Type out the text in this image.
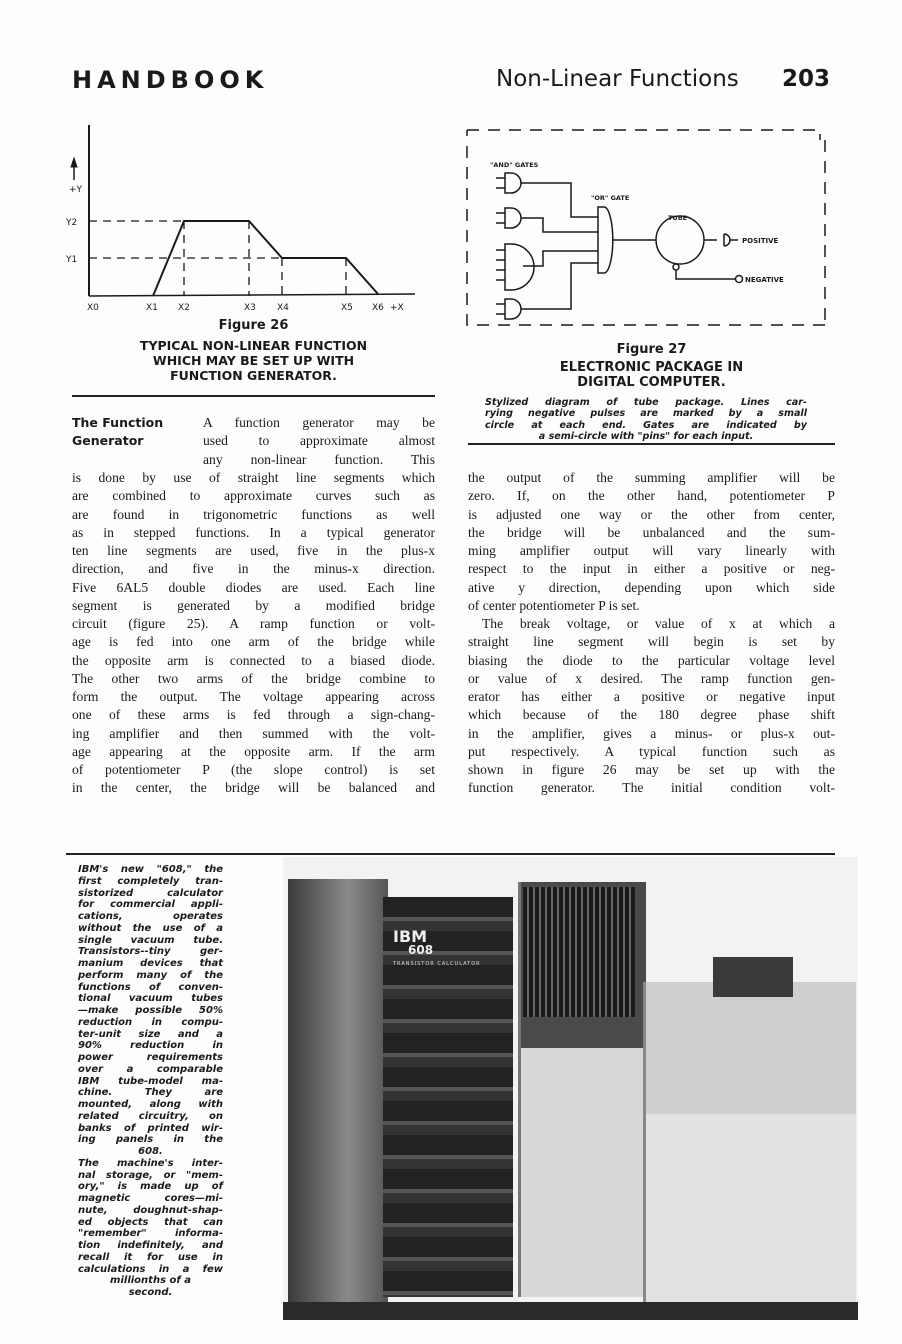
HANDBOOK	Non-Linear Functions 203
+Y
Y2
Y1
X0	X1 X2	X3 X4	X5 X6 +X
Figure 26
TYPICAL NON-LINEAR FUNCTION
WHICH MAY BE SET UP WITH
FUNCTION GENERATOR.
"AND" GATES
"OR" GATE
TUBE
POSITIVE
NEGATIVE
Figure 27
ELECTRONIC PACKAGE IN
DIGITAL COMPUTER.
Stylized diagram of tube package. Lines car-
rying negative pulses are marked by a small
circle at each end. Gates are indicated by
a semi-circle with "pins" for each input.
The Function
Generator
A function generator may be
used to approximate almost
any non-linear function. This
is done by use of straight line segments which
are combined to approximate curves such as
are found in trigonometric functions as well
as in stepped functions. In a typical generator
ten line segments are used, five in the plus-x
direction, and five in the minus-x direction.
Five 6AL5 double diodes are used. Each line
segment is generated by a modified bridge
circuit (figure 25). A ramp function or volt-
age is fed into one arm of the bridge while
the opposite arm is connected to a biased diode.
The other two arms of the bridge combine to
form the output. The voltage appearing across
one of these arms is fed through a sign-chang-
ing amplifier and then summed with the volt-
age appearing at the opposite arm. If the arm
of potentiometer P (the slope control) is set
in the center, the bridge will be balanced and
the output of the summing amplifier will be
zero. If, on the other hand, potentiometer P
is adjusted one way or the other from center,
the bridge will be unbalanced and the sum-
ming amplifier output will vary linearly with
respect to the input in either a positive or neg-
ative y direction, depending upon which side
of center potentiometer P is set.
The break voltage, or value of x at which a
straight line segment will begin is set by
biasing the diode to the particular voltage level
or value of x desired. The ramp function gen-
erator has either a positive or negative input
which because of the 180 degree phase shift
in the amplifier, gives a minus- or plus-x out-
put respectively. A typical function such as
shown in figure 26 may be set up with the
function generator. The initial condition volt-
IBM's new "608," the
first completely tran-
sistorized calculator
for commercial appli-
cations, operates
without the use of a
single vacuum tube.
Transistors--tiny ger-
manium devices that
perform many of the
functions of conven-
tional vacuum tubes
—make possible 50%
reduction in compu-
ter-unit size and a
90% reduction in
power requirements
over a comparable
IBM tube-model ma-
chine. They are
mounted, along with
related circuitry, on
banks of printed wir-
ing panels in the
608.
The machine's inter-
nal storage, or "mem-
ory," is made up of
magnetic cores—mi-
nute, doughnut-shap-
ed objects that can
"remember" informa-
tion indefinitely, and
recall it for use in
calculations in a few
millionths of a
second.
IBM
608
TRANSISTOR CALCULATOR
